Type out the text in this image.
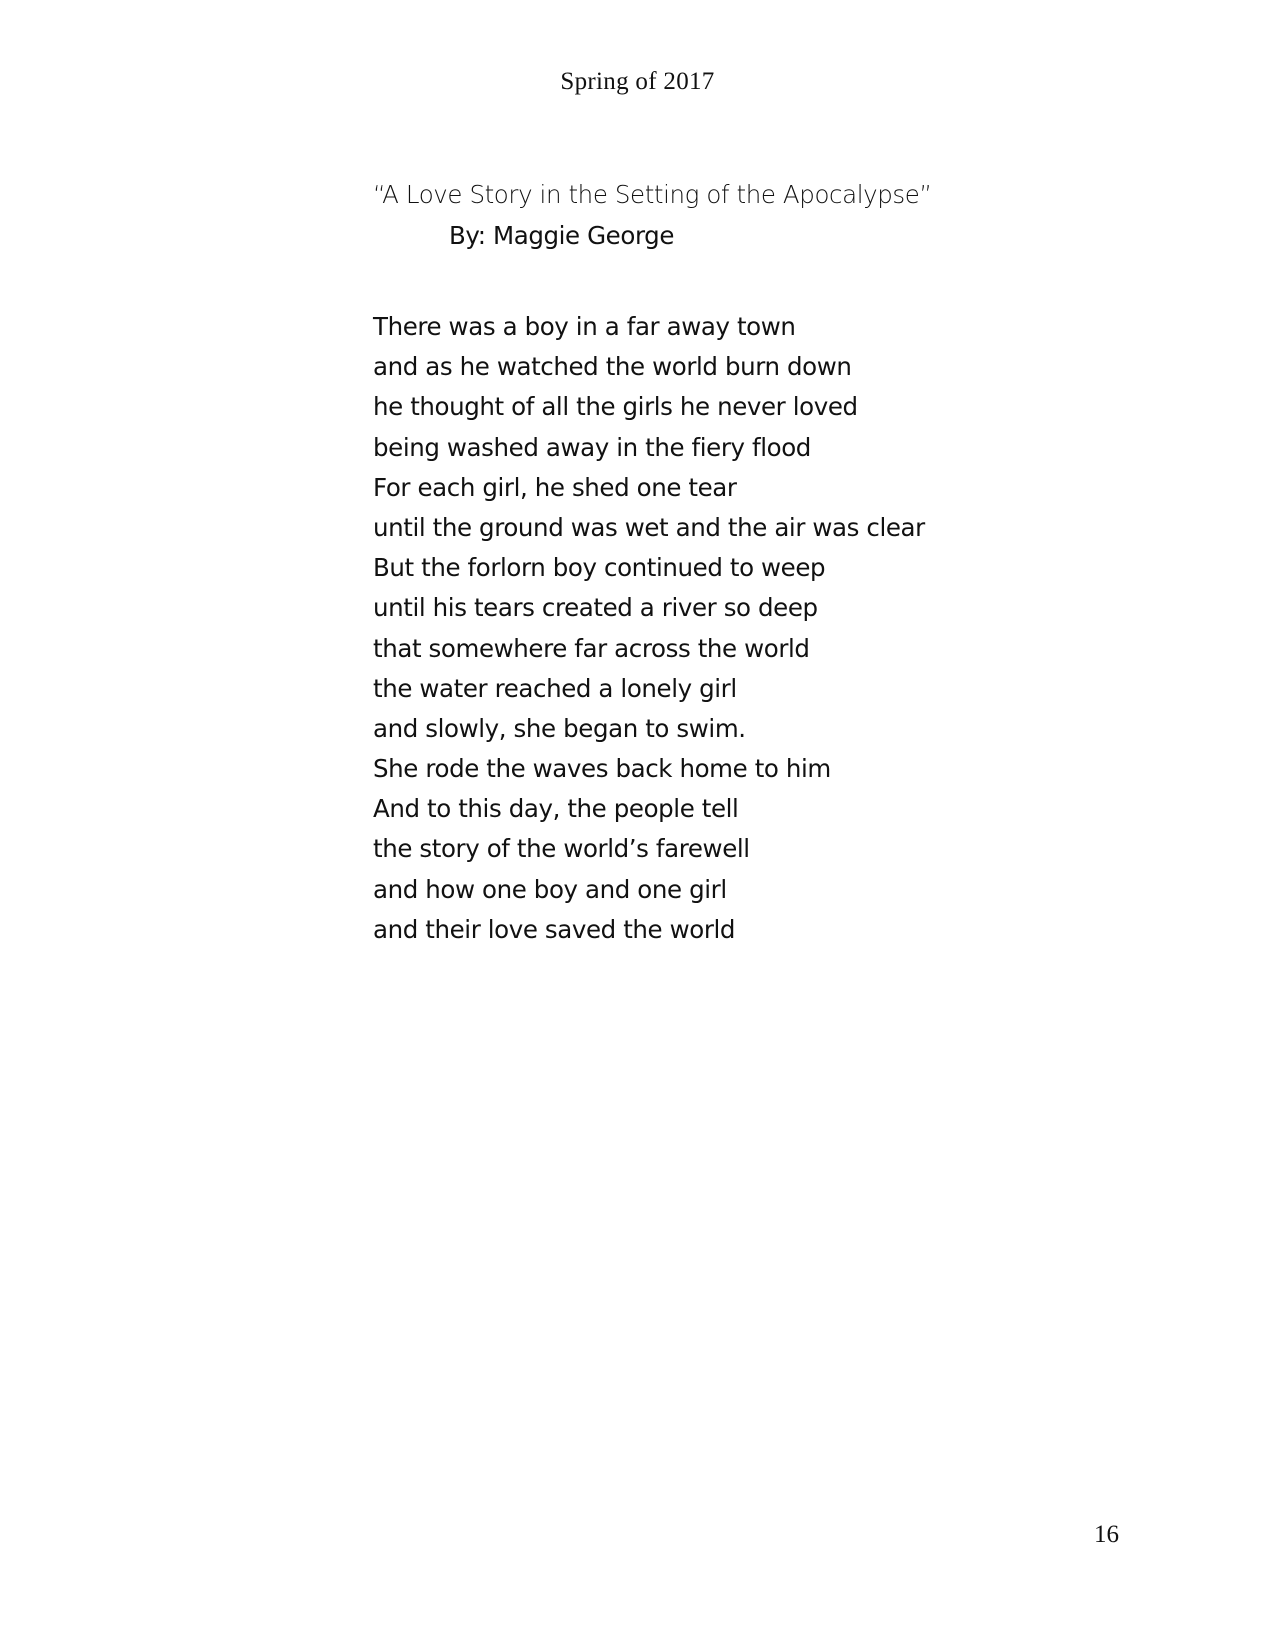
Spring of 2017
“A Love Story in the Setting of the Apocalypse”
By: Maggie George
There was a boy in a far away town
and as he watched the world burn down
he thought of all the girls he never loved
being washed away in the fiery flood
For each girl, he shed one tear
until the ground was wet and the air was clear
But the forlorn boy continued to weep
until his tears created a river so deep
that somewhere far across the world
the water reached a lonely girl
and slowly, she began to swim.
She rode the waves back home to him
And to this day, the people tell
the story of the world’s farewell
and how one boy and one girl
and their love saved the world
16
